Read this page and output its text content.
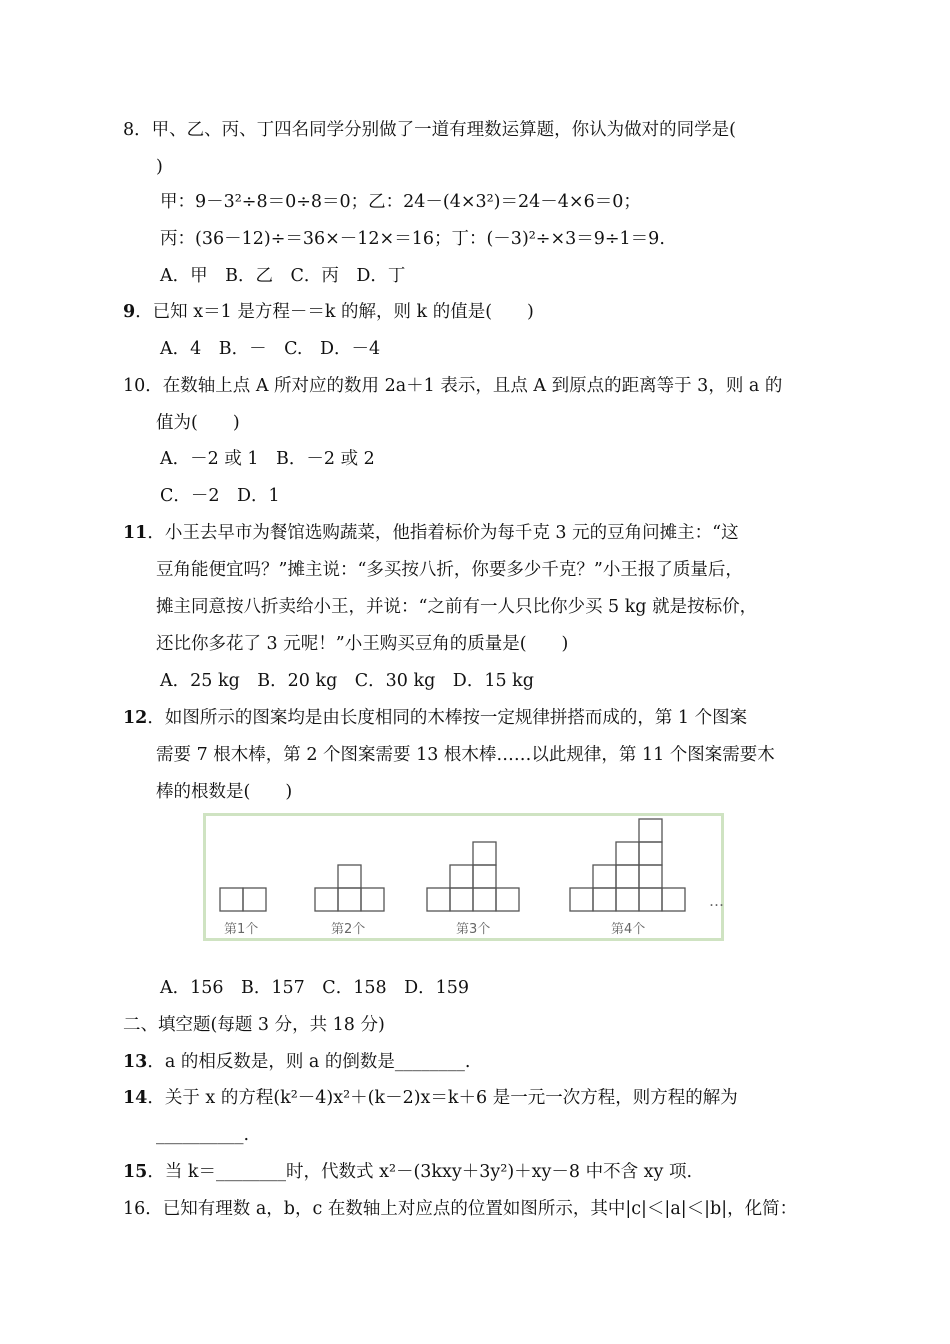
8．甲、乙、丙、丁四名同学分别做了一道有理数运算题，你认为做对的同学是(
)
甲：9－3²÷8＝0÷8＝0；乙：24－(4×3²)＝24－4×6＝0；
丙：(36－12)÷＝36×－12×＝16；丁：(－3)²÷×3＝9÷1＝9.
A．甲　B．乙　C．丙　D．丁
9．已知 x＝1 是方程－＝k 的解，则 k 的值是(　　)
A．4　B．－　C.　D．－4
10．在数轴上点 A 所对应的数用 2a＋1 表示，且点 A 到原点的距离等于 3，则 a 的
值为(　　)
A．－2 或 1　B．－2 或 2
C．－2　D．1
11．小王去早市为餐馆选购蔬菜，他指着标价为每千克 3 元的豆角问摊主：“这
豆角能便宜吗？”摊主说：“多买按八折，你要多少千克？”小王报了质量后，
摊主同意按八折卖给小王，并说：“之前有一人只比你少买 5 kg 就是按标价，
还比你多花了 3 元呢！”小王购买豆角的质量是(　　)
A．25 kg　B．20 kg　C．30 kg　D．15 kg
12．如图所示的图案均是由长度相同的木棒按一定规律拼搭而成的，第 1 个图案
需要 7 根木棒，第 2 个图案需要 13 根木棒……以此规律，第 11 个图案需要木
棒的根数是(　　)
第1个	第2个	第3个	第4个
…
A．156　B．157　C．158　D．159
二、填空题(每题 3 分，共 18 分)
13．a 的相反数是，则 a 的倒数是________.
14．关于 x 的方程(k²－4)x²＋(k－2)x＝k＋6 是一元一次方程，则方程的解为
__________.
15．当 k＝________时，代数式 x²－(3kxy＋3y²)＋xy－8 中不含 xy 项.
16．已知有理数 a，b，c 在数轴上对应点的位置如图所示，其中|c|＜|a|＜|b|，化简：
